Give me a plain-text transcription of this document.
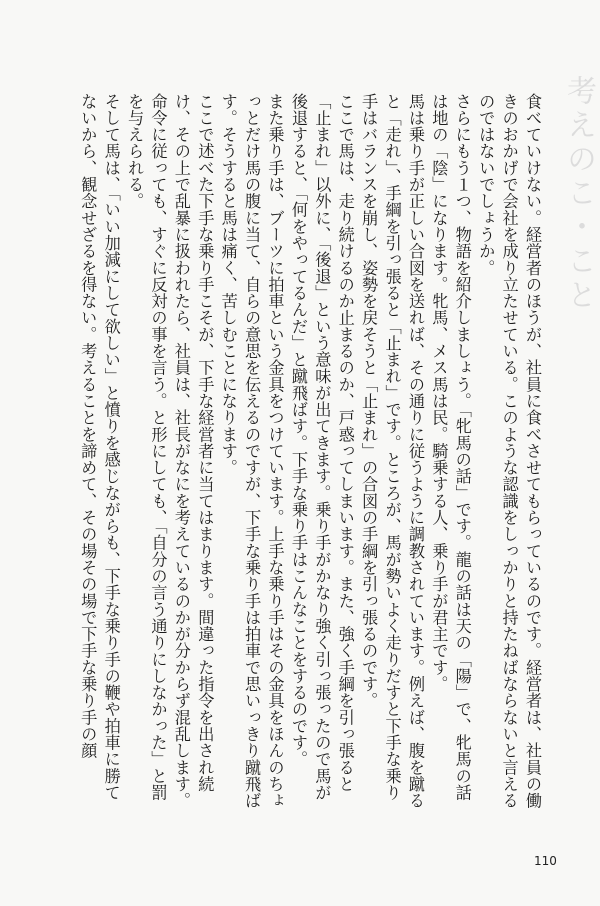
考えのこ・こと

食べていけない。経営者のほうが、社員に食べさせてもらっているのです。経営者は、社員の働きのおかげで会社を成り立たせている。このような認識をしっかりと持たねばならないと言えるのではないでしょうか。

さらにもう１つ、物語を紹介しましょう。「牝馬の話」です。龍の話は天の「陽」で、牝馬の話は地の「陰」になります。牝馬、メス馬は民。騎乗する人、乗り手が君主です。

馬は乗り手が正しい合図を送れば、その通りに従うように調教されています。例えば、腹を蹴ると「走れ」、手綱を引っ張ると「止まれ」です。ところが、馬が勢いよく走りだすと下手な乗り手はバランスを崩し、姿勢を戻そうと「止まれ」の合図の手綱を引っ張るのです。

ここで馬は、走り続けるのか止まるのか、戸惑ってしまいます。また、強く手綱を引っ張ると「止まれ」以外に、「後退」という意味が出てきます。乗り手がかなり強く引っ張ったので馬が後退すると、「何をやってるんだ」と蹴飛ばす。下手な乗り手はこんなことをするのです。

また乗り手は、ブーツに拍車という金具をつけています。上手な乗り手はその金具をほんのちょっとだけ馬の腹に当て、自らの意思を伝えるのですが、下手な乗り手は拍車で思いっきり蹴飛ばす。そうすると馬は痛く、苦しむことになります。

ここで述べた下手な乗り手こそが、下手な経営者に当てはまります。間違った指令を出され続け、その上で乱暴に扱われたら、社員は、社長がなにを考えているのかが分からず混乱します。命令に従っても、すぐに反対の事を言う。と形にしても、「自分の言う通りにしなかった」と罰を与えられる。

そして馬は、「いい加減にして欲しい」と憤りを感じながらも、下手な乗り手の鞭や拍車に勝てないから、観念せざるを得ない。考えることを諦めて、その場その場で下手な乗り手の顔

110
